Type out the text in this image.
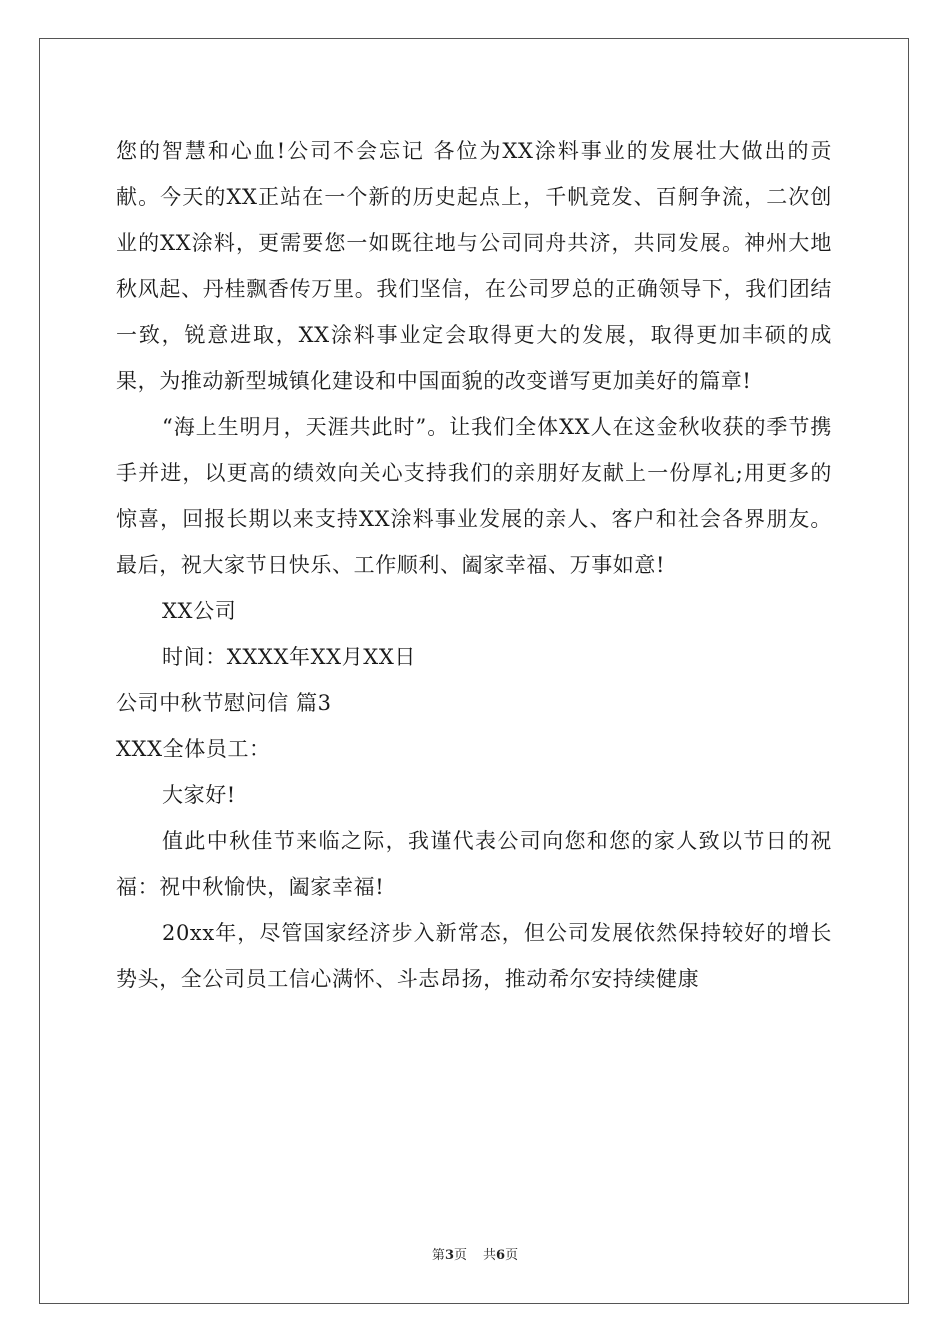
您的智慧和心血!公司不会忘记 各位为XX涂料事业的发展壮大做出的贡献。今天的XX正站在一个新的历史起点上，千帆竞发、百舸争流，二次创业的XX涂料，更需要您一如既往地与公司同舟共济，共同发展。神州大地秋风起、丹桂飘香传万里。我们坚信，在公司罗总的正确领导下，我们团结一致，锐意进取，XX涂料事业定会取得更大的发展，取得更加丰硕的成果，为推动新型城镇化建设和中国面貌的改变谱写更加美好的篇章!

“海上生明月，天涯共此时”。让我们全体XX人在这金秋收获的季节携手并进，以更高的绩效向关心支持我们的亲朋好友献上一份厚礼;用更多的惊喜，回报长期以来支持XX涂料事业发展的亲人、客户和社会各界朋友。最后，祝大家节日快乐、工作顺利、阖家幸福、万事如意!

XX公司

时间：XXXX年XX月XX日

公司中秋节慰问信 篇3

XXX全体员工：

大家好!

值此中秋佳节来临之际，我谨代表公司向您和您的家人致以节日的祝福：祝中秋愉快，阖家幸福!

20xx年，尽管国家经济步入新常态，但公司发展依然保持较好的增长势头，全公司员工信心满怀、斗志昂扬，推动希尔安持续健康

第3页 共6页
